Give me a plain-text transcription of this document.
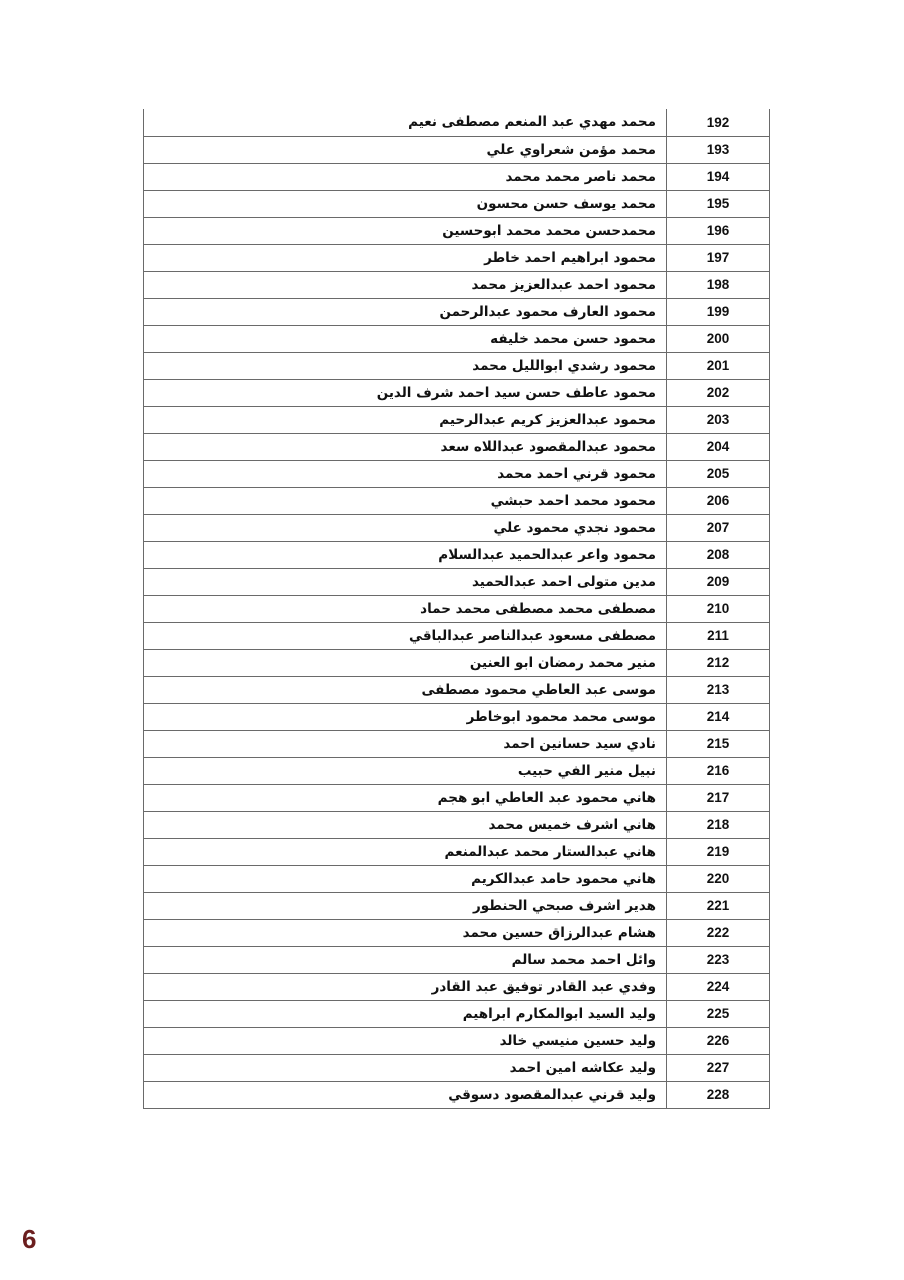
محمد مهدي عبد المنعم مصطفى نعيم	192
محمد مؤمن شعراوي علي	193
محمد ناصر محمد محمد	194
محمد يوسف حسن محسون	195
محمدحسن محمد محمد ابوحسين	196
محمود ابراهيم احمد خاطر	197
محمود احمد عبدالعزيز محمد	198
محمود العارف محمود عبدالرحمن	199
محمود حسن محمد خليفه	200
محمود رشدي ابوالليل محمد	201
محمود عاطف حسن سيد احمد شرف الدين	202
محمود عبدالعزيز كريم عبدالرحيم	203
محمود عبدالمقصود عبداللاه سعد	204
محمود قرني احمد محمد	205
محمود محمد احمد حبشي	206
محمود نجدي محمود علي	207
محمود واعر عبدالحميد عبدالسلام	208
مدين متولى احمد عبدالحميد	209
مصطفى محمد مصطفى محمد حماد	210
مصطفى مسعود عبدالناصر عبدالباقي	211
منير محمد رمضان ابو العنين	212
موسى عبد العاطي محمود مصطفى	213
موسى محمد محمود ابوخاطر	214
نادي سيد حسانين احمد	215
نبيل منير الفي حبيب	216
هاني محمود عبد العاطي ابو هجم	217
هاني اشرف خميس محمد	218
هاني عبدالستار محمد عبدالمنعم	219
هاني محمود حامد عبدالكريم	220
هدير اشرف صبحي الحنطور	221
هشام عبدالرزاق حسين محمد	222
وائل احمد محمد سالم	223
وفدي عبد القادر توفيق عبد القادر	224
وليد السيد ابوالمكارم ابراهيم	225
وليد حسين منيسي خالد	226
وليد عكاشه امين احمد	227
وليد قرني عبدالمقصود دسوقي	228
6
